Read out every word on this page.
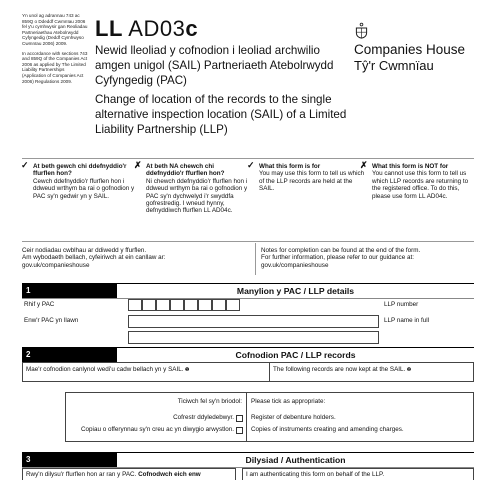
Yn unol ag adrannau 743 ac 859Q o Ddeddf Cwmnïau 2006 fel y'u cymhwysir gan Reoliadau Partneriaethau Atebolrwydd Cyfyngedig (Deddf Cymhwyso Cwmnïau 2006) 2009.

In accordance with sections 743 and 859Q of the Companies Act 2006 as applied by The Limited Liability Partnerships (Application of Companies Act 2006) Regulations 2009.

LL AD03c
Newid lleoliad y cofnodion i leoliad archwilio amgen unigol (SAIL) Partneriaeth Atebolrwydd Cyfyngedig (PAC)
Change of location of the records to the single alternative inspection location (SAIL) of a Limited Liability Partnership (LLP)
Companies House
Tŷ'r Cwmnïau
✓ At beth gewch chi ddefnyddio'r ffurflen hon?
Cewch ddefnyddio'r ffurflen hon i ddweud wrthym ba rai o gofnodion y PAC sy'n gedwir yn y SAIL.
✗ At beth NA chewch chi ddefnyddio'r ffurflen hon?
Ni chewch ddefnyddio'r ffurflen hon i ddweud wrthym ba rai o gofnodion y PAC sy'n dychwelyd i'r swyddfa gofrestredig. I wneud hynny, defnyddiwch ffurflen LL AD04c.
✓ What this form is for
You may use this form to tell us which of the LLP records are held at the SAIL.
✗ What this form is NOT for
You cannot use this form to tell us which LLP records are returning to the registered office. To do this, please use form LL AD04c.
Ceir nodiadau cwblhau ar ddiwedd y ffurflen.
Am wybodaeth bellach, cyfeiriwch at ein canllaw ar:
gov.uk/companieshouse
Notes for completion can be found at the end of the form.
For further information, please refer to our guidance at:
gov.uk/companieshouse
1	Manylion y PAC / LLP details
Rhif y PAC	LLP number
Enw'r PAC yn llawn	LLP name in full
2	Cofnodion PAC / LLP records
Mae'r cofnodion canlynol wedi'u cadw bellach yn y SAIL. ❶	The following records are now kept at the SAIL. ❷
Ticiwch fel sy'n briodol: Please tick as appropriate:
Cofrestr ddyledebwyr.	Register of debenture holders.
Copiau o offerynnau sy'n creu ac yn diwygio arwystlon.	Copies of instruments creating and amending charges.
3	Dilysiad / Authentication
Rwy'n dilysu'r ffurflen hon ar ran y PAC. Cofnodwch eich enw	I am authenticating this form on behalf of the LLP.
